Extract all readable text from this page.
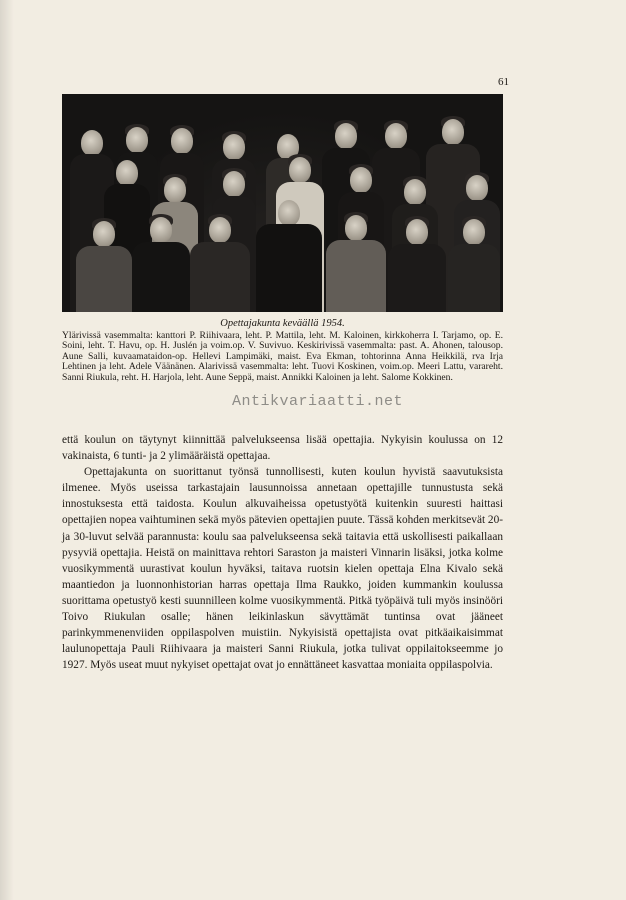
61
Opettajakunta keväällä 1954.
Ylärivissä vasemmalta: kanttori P. Riihivaara, leht. P. Mattila, leht. M. Kaloinen, kirkkoherra I. Tarjamo, op. E. Soini, leht. T. Havu, op. H. Juslén ja voim.op. V. Suvivuo. Keskirivissä vasemmalta: past. A. Ahonen, talousop. Aune Salli, kuvaamataidon-op. Hellevi Lampimäki, maist. Eva Ekman, tohtorinna Anna Heikkilä, rva Irja Lehtinen ja leht. Adele Väänänen. Alarivissä vasemmalta: leht. Tuovi Koskinen, voim.op. Meeri Lattu, varareht. Sanni Riukula, reht. H. Harjola, leht. Aune Seppä, maist. Annikki Kaloinen ja leht. Salome Kokkinen.
Antikvariaatti.net

että koulun on täytynyt kiinnittää palvelukseensa lisää opettajia. Nykyisin koulussa on 12 vakinaista, 6 tunti- ja 2 ylimääräistä opettajaa.

Opettajakunta on suorittanut työnsä tunnollisesti, kuten koulun hyvistä saavutuksista ilmenee. Myös useissa tarkastajain lausunnoissa annetaan opettajille tunnustusta sekä innostuksesta että taidosta. Koulun alkuvaiheissa opetustyötä kuitenkin suuresti haittasi opettajien nopea vaihtuminen sekä myös pätevien opettajien puute. Tässä kohden merkitsevät 20- ja 30-luvut selvää parannusta: koulu saa palvelukseensa sekä taitavia että uskollisesti paikallaan pysyviä opettajia. Heistä on mainittava rehtori Saraston ja maisteri Vinnarin lisäksi, jotka kolme vuosikymmentä uurastivat koulun hyväksi, taitava ruotsin kielen opettaja Elna Kivalo sekä maantiedon ja luonnonhistorian harras opettaja Ilma Raukko, joiden kummankin koulussa suorittama opetustyö kesti suunnilleen kolme vuosikymmentä. Pitkä työpäivä tuli myös insinööri Toivo Riukulan osalle; hänen leikinlaskun sävyttämät tuntinsa ovat jääneet parinkymmenenviiden oppilaspolven muistiin. Nykyisistä opettajista ovat pitkäaikaisimmat laulunopettaja Pauli Riihivaara ja maisteri Sanni Riukula, jotka tulivat oppilaitokseemme jo 1927. Myös useat muut nykyiset opettajat ovat jo ennättäneet kasvattaa moniaita oppilaspolvia.
